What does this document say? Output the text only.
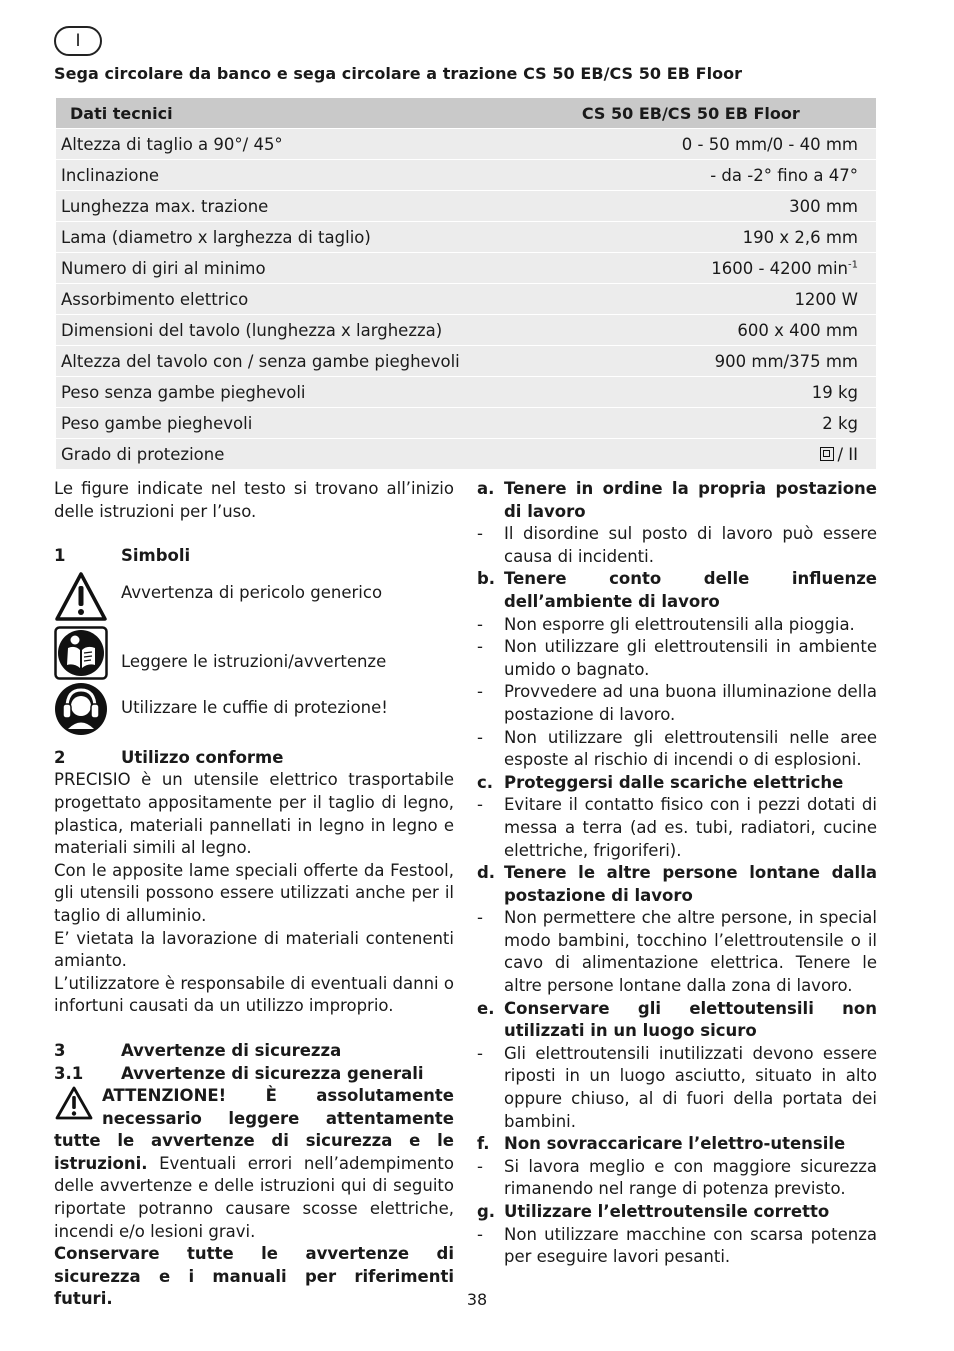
I
Sega circolare da banco e sega circolare a trazione CS 50 EB/CS 50 EB Floor
Dati tecnici	CS 50 EB/CS 50 EB Floor
Altezza di taglio a 90°/ 45°	0 - 50 mm/0 - 40 mm
Inclinazione	- da -2° fino a 47°
Lunghezza max. trazione	300 mm
Lama (diametro x larghezza di taglio)	190 x 2,6 mm
Numero di giri al minimo	1600 - 4200 $\min^{-1}$
Assorbimento elettrico	1200 W
Dimensioni del tavolo (lunghezza x larghezza)	600 x 400 mm
Altezza del tavolo con / senza gambe pieghevoli	900 mm/375 mm
Peso senza gambe pieghevoli	19 kg
Peso gambe pieghevoli	2 kg
Grado di protezione	/ II

Le figure indicate nel testo si trovano all’inizio delle istruzioni per l’uso.

1	Simboli
Avvertenza di pericolo generico
Leggere le istruzioni/avvertenze
Utilizzare le cuffie di protezione!
2	Utilizzo conforme

PRECISIO è un utensile elettrico trasportabile progettato appositamente per il taglio di legno, plastica, materiali pannellati in legno in legno e materiali simili al legno.

Con le apposite lame speciali offerte da Festool, gli utensili possono essere utilizzati anche per il taglio di alluminio.

E’ vietata la lavorazione di materiali contenenti amianto.

L’utilizzatore è responsabile di eventuali danni o infortuni causati da un utilizzo improprio.

3	Avvertenze di sicurezza
3.1	Avvertenze di sicurezza generali

ATTENZIONE! È assolutamente necessario leggere attentamente tutte le avvertenze di sicurezza e le istruzioni. Eventuali errori nell’adempimento delle avvertenze e delle istruzioni qui di seguito riportate potranno causare scosse elettriche, incendi e/o lesioni gravi.

Conservare tutte le avvertenze di sicurezza e i manuali per riferimenti futuri.

a. Tenere in ordine la propria postazione di lavoro
-	Il disordine sul posto di lavoro può essere causa di incidenti.
b. Tenere conto delle influenze dell’ambiente di lavoro
-	Non esporre gli elettroutensili alla pioggia.
-	Non utilizzare gli elettroutensili in ambiente umido o bagnato.
-	Provvedere ad una buona illuminazione della postazione di lavoro.
-	Non utilizzare gli elettroutensili nelle aree esposte al rischio di incendi o di esplosioni.
c. Proteggersi dalle scariche elettriche
-	Evitare il contatto fisico con i pezzi dotati di messa a terra (ad es. tubi, radiatori, cucine elettriche, frigoriferi).
d. Tenere le altre persone lontane dalla postazione di lavoro
-	Non permettere che altre persone, in special modo bambini, tocchino l’elettroutensile o il cavo di alimentazione elettrica. Tenere le altre persone lontane dalla zona di lavoro.
e. Conservare gli elettoutensili non utilizzati in un luogo sicuro
-	Gli elettroutensili inutilizzati devono essere riposti in un luogo asciutto, situato in alto oppure chiuso, al di fuori della portata dei bambini.
f. Non sovraccaricare l’elettro-utensile
-	Si lavora meglio e con maggiore sicurezza rimanendo nel range di potenza previsto.
g. Utilizzare l’elettroutensile corretto
-	Non utilizzare macchine con scarsa potenza per eseguire lavori pesanti.
38
